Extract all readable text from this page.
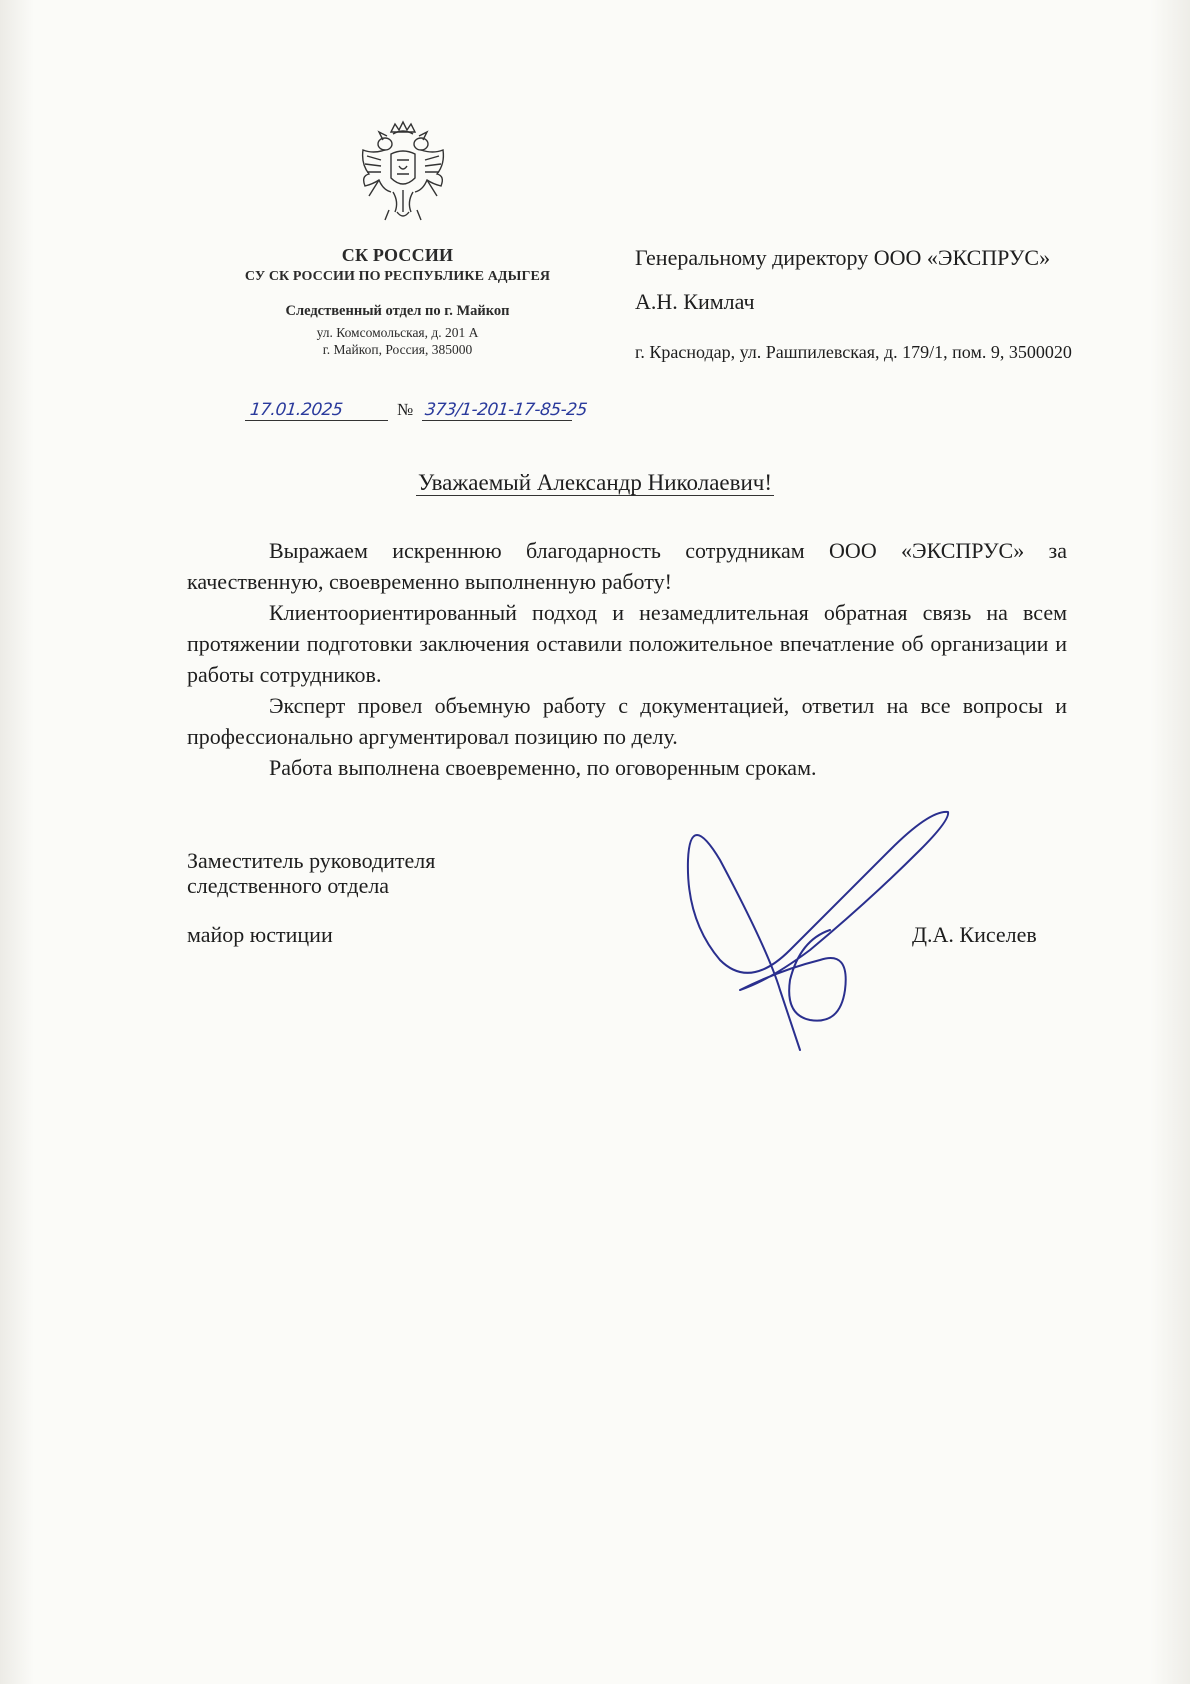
СК РОССИИ
СУ СК РОССИИ ПО РЕСПУБЛИКЕ АДЫГЕЯ
Следственный отдел по г. Майкоп
ул. Комсомольская, д. 201 А
г. Майкоп, Россия, 385000
17.01.2025	№ 373/1-201-17-85-25
Генеральному директору ООО «ЭКСПРУС»
А.Н. Кимлач
г. Краснодар, ул. Рашпилевская, д. 179/1, пом. 9, 3500020
Уважаемый Александр Николаевич!

Выражаем искреннюю благодарность сотрудникам ООО «ЭКСПРУС» за качественную, своевременно выполненную работу!

Клиентоориентированный подход и незамедлительная обратная связь на всем протяжении подготовки заключения оставили положительное впечатление об организации и работы сотрудников.

Эксперт провел объемную работу с документацией, ответил на все вопросы и профессионально аргументировал позицию по делу.

Работа выполнена своевременно, по оговоренным срокам.

Заместитель руководителя
следственного отдела
майор юстиции	Д.А. Киселев
